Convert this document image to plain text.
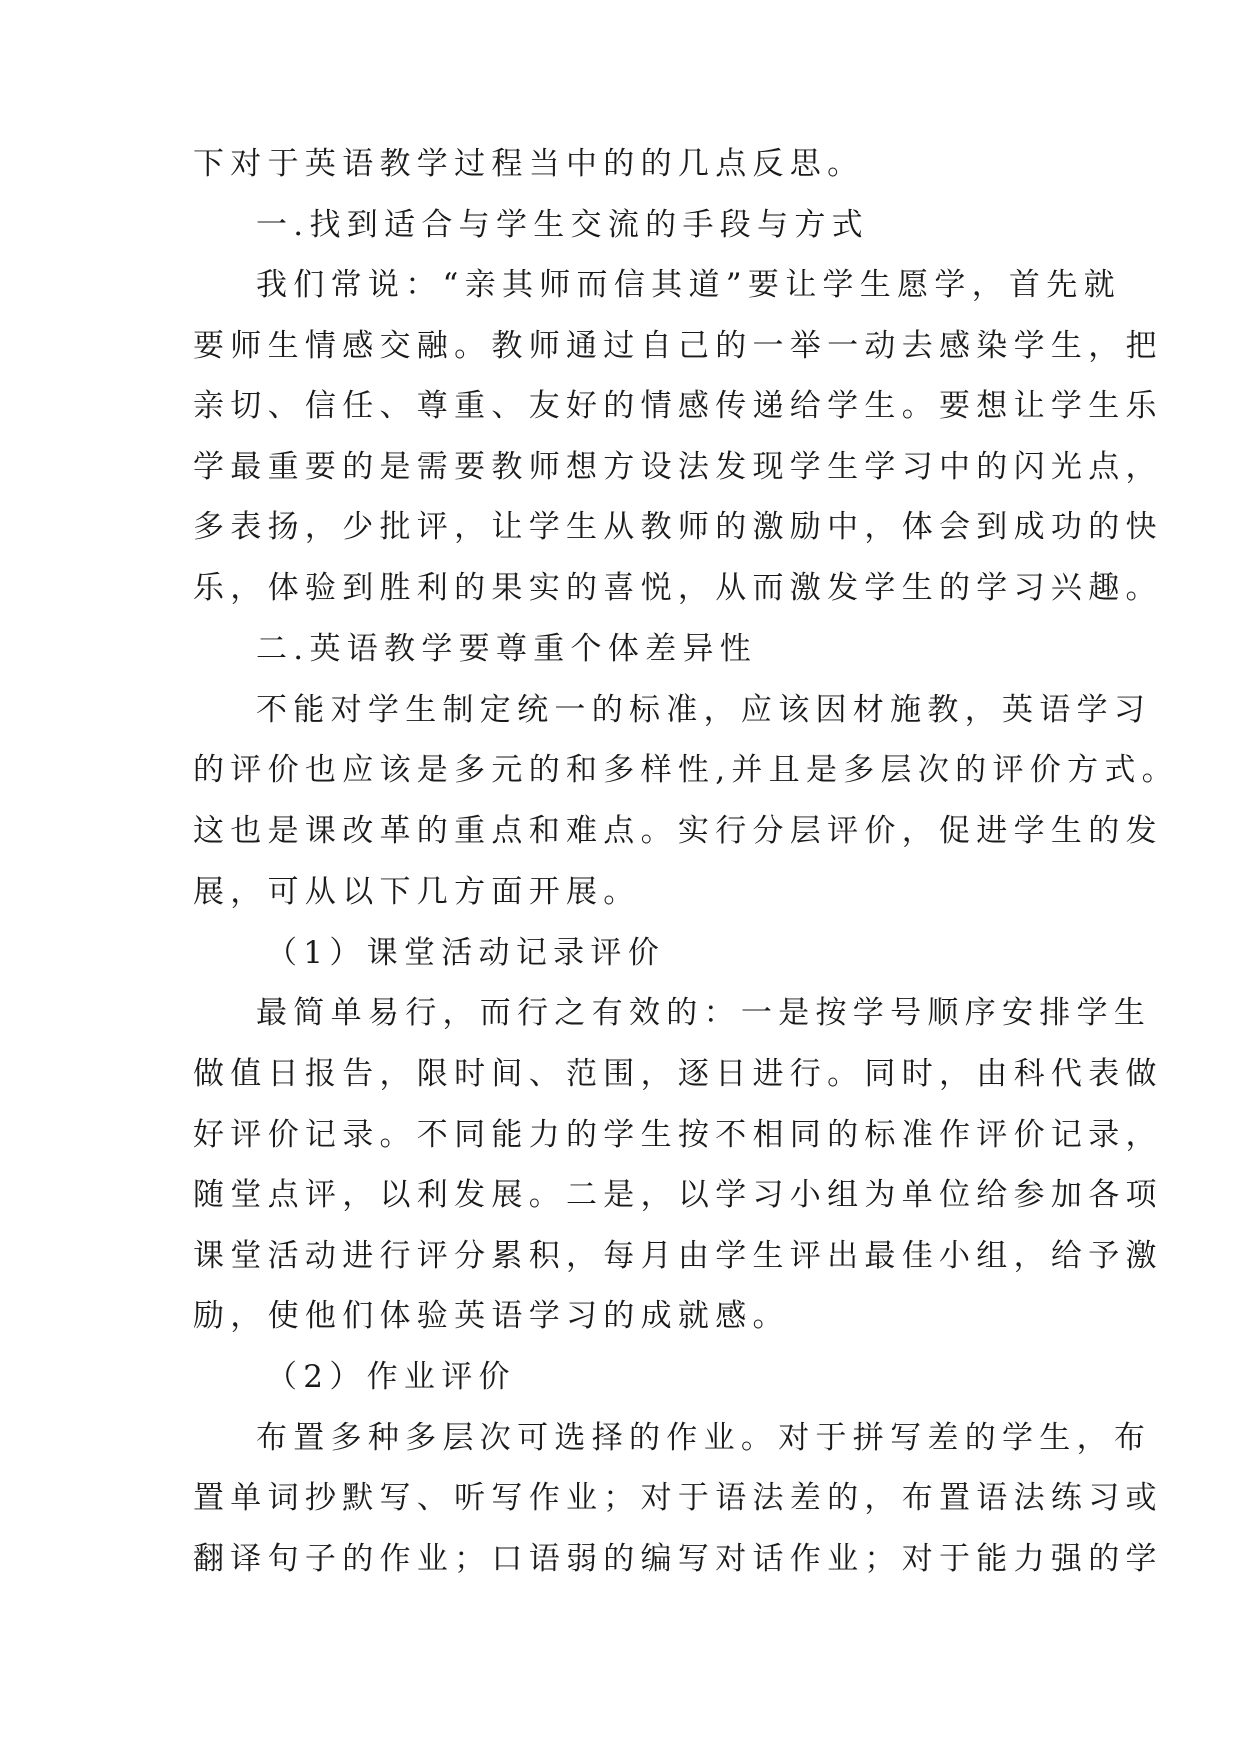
下对于英语教学过程当中的的几点反思。
一.找到适合与学生交流的手段与方式
我们常说：“亲其师而信其道”要让学生愿学，首先就
要师生情感交融。教师通过自己的一举一动去感染学生，把
亲切、信任、尊重、友好的情感传递给学生。要想让学生乐
学最重要的是需要教师想方设法发现学生学习中的闪光点，
多表扬，少批评，让学生从教师的激励中，体会到成功的快
乐，体验到胜利的果实的喜悦，从而激发学生的学习兴趣。
二.英语教学要尊重个体差异性
不能对学生制定统一的标准，应该因材施教，英语学习
的评价也应该是多元的和多样性,并且是多层次的评价方式。
这也是课改革的重点和难点。实行分层评价，促进学生的发
展，可从以下几方面开展。
（1）课堂活动记录评价
最简单易行，而行之有效的：一是按学号顺序安排学生
做值日报告，限时间、范围，逐日进行。同时，由科代表做
好评价记录。不同能力的学生按不相同的标准作评价记录，
随堂点评，以利发展。二是，以学习小组为单位给参加各项
课堂活动进行评分累积，每月由学生评出最佳小组，给予激
励，使他们体验英语学习的成就感。
（2）作业评价
布置多种多层次可选择的作业。对于拼写差的学生，布
置单词抄默写、听写作业；对于语法差的，布置语法练习或
翻译句子的作业；口语弱的编写对话作业；对于能力强的学
